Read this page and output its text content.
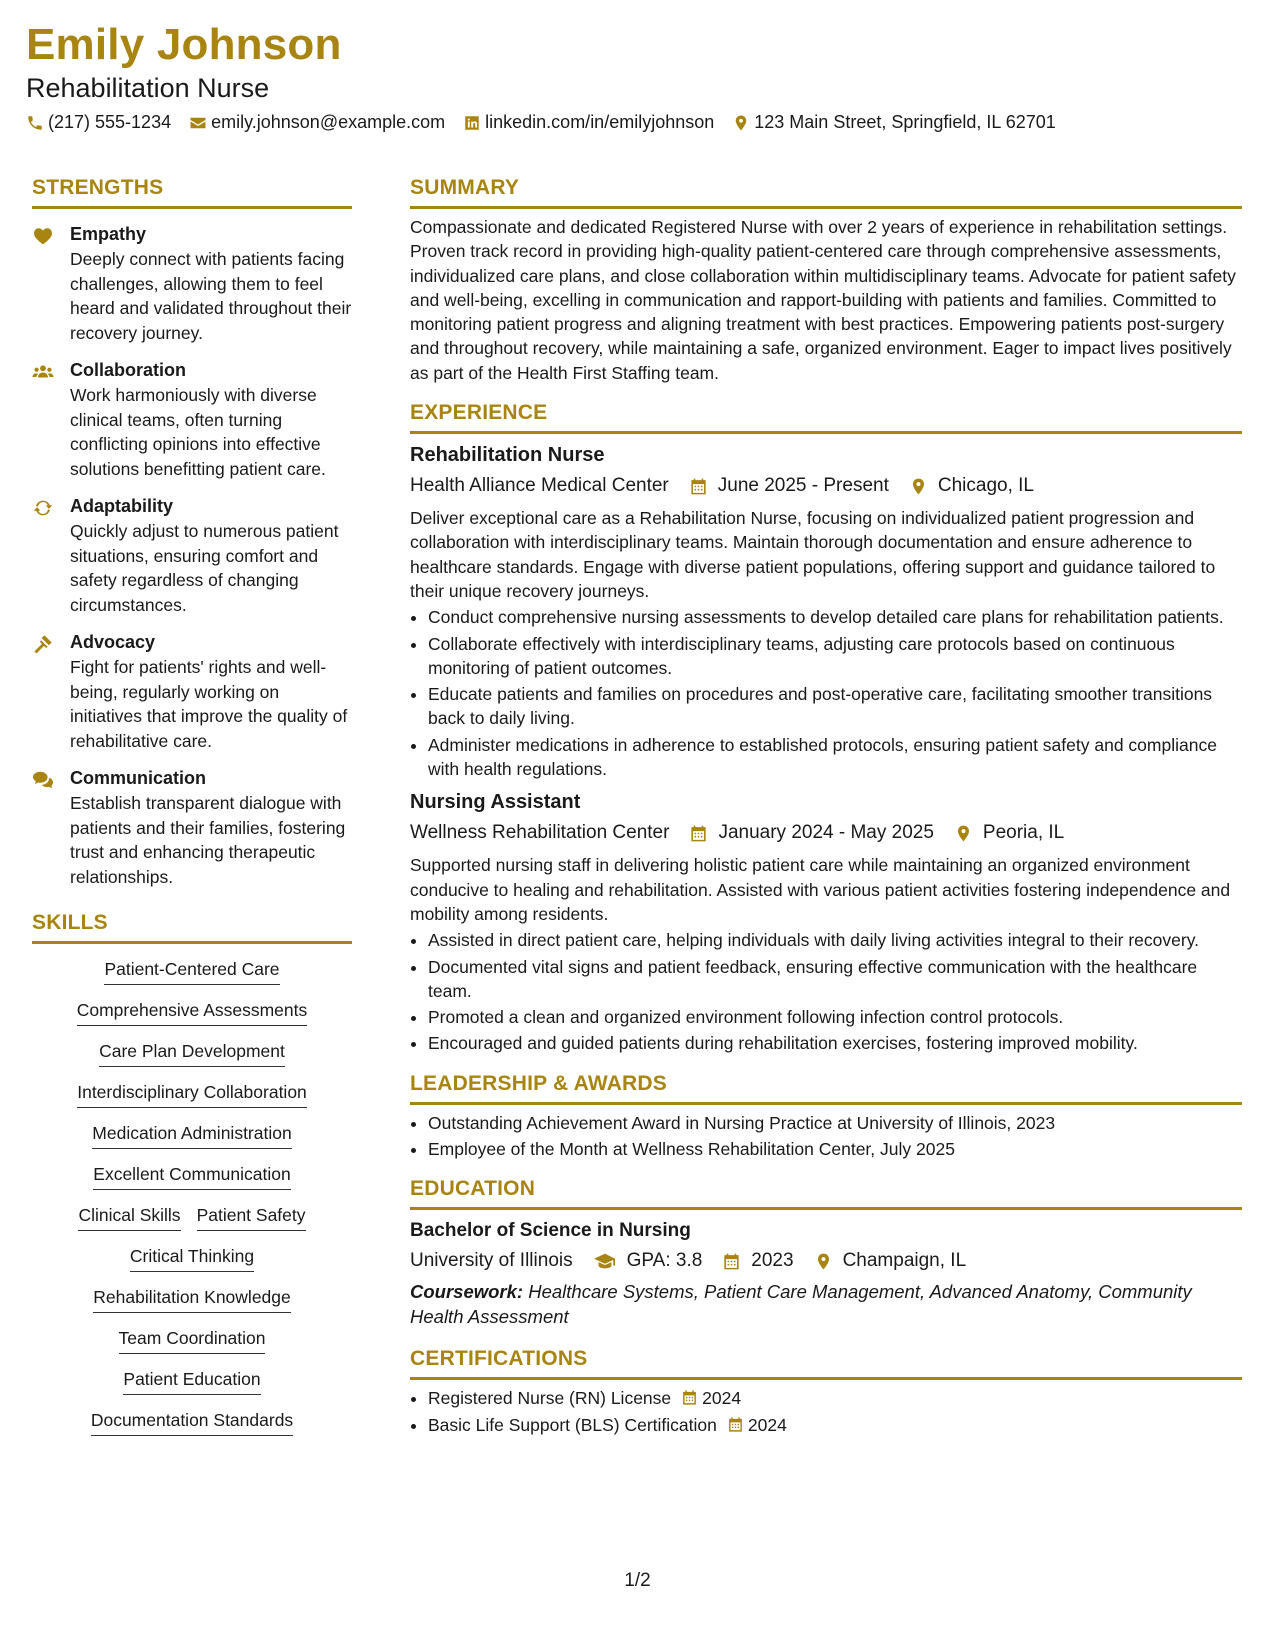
Emily Johnson
Rehabilitation Nurse
(217) 555-1234 emily.johnson@example.com linkedin.com/in/emilyjohnson 123 Main Street, Springfield, IL 62701
STRENGTHS
Empathy
Deeply connect with patients facing challenges, allowing them to feel heard and validated throughout their recovery journey.
Collaboration
Work harmoniously with diverse clinical teams, often turning conflicting opinions into effective solutions benefitting patient care.
Adaptability
Quickly adjust to numerous patient situations, ensuring comfort and safety regardless of changing circumstances.
Advocacy
Fight for patients' rights and well-being, regularly working on initiatives that improve the quality of rehabilitative care.
Communication
Establish transparent dialogue with patients and their families, fostering trust and enhancing therapeutic relationships.
SKILLS
Patient-Centered Care
Comprehensive Assessments
Care Plan Development
Interdisciplinary Collaboration
Medication Administration
Excellent Communication
Clinical Skills Patient Safety
Critical Thinking
Rehabilitation Knowledge
Team Coordination
Patient Education
Documentation Standards
SUMMARY
Compassionate and dedicated Registered Nurse with over 2 years of experience in rehabilitation settings. Proven track record in providing high-quality patient-centered care through comprehensive assessments, individualized care plans, and close collaboration within multidisciplinary teams. Advocate for patient safety and well-being, excelling in communication and rapport-building with patients and families. Committed to monitoring patient progress and aligning treatment with best practices. Empowering patients post-surgery and throughout recovery, while maintaining a safe, organized environment. Eager to impact lives positively as part of the Health First Staffing team.
EXPERIENCE
Rehabilitation Nurse
Health Alliance Medical Center	June 2025 - Present	Chicago, IL
Deliver exceptional care as a Rehabilitation Nurse, focusing on individualized patient progression and collaboration with interdisciplinary teams. Maintain thorough documentation and ensure adherence to healthcare standards. Engage with diverse patient populations, offering support and guidance tailored to their unique recovery journeys.
• Conduct comprehensive nursing assessments to develop detailed care plans for rehabilitation patients.
• Collaborate effectively with interdisciplinary teams, adjusting care protocols based on continuous monitoring of patient outcomes.
• Educate patients and families on procedures and post-operative care, facilitating smoother transitions back to daily living.
• Administer medications in adherence to established protocols, ensuring patient safety and compliance with health regulations.
Nursing Assistant
Wellness Rehabilitation Center	January 2024 - May 2025	Peoria, IL
Supported nursing staff in delivering holistic patient care while maintaining an organized environment conducive to healing and rehabilitation. Assisted with various patient activities fostering independence and mobility among residents.
• Assisted in direct patient care, helping individuals with daily living activities integral to their recovery.
• Documented vital signs and patient feedback, ensuring effective communication with the healthcare team.
• Promoted a clean and organized environment following infection control protocols.
• Encouraged and guided patients during rehabilitation exercises, fostering improved mobility.
LEADERSHIP & AWARDS
• Outstanding Achievement Award in Nursing Practice at University of Illinois, 2023
• Employee of the Month at Wellness Rehabilitation Center, July 2025
EDUCATION
Bachelor of Science in Nursing
University of Illinois	GPA: 3.8	2023	Champaign, IL
Coursework: Healthcare Systems, Patient Care Management, Advanced Anatomy, Community Health Assessment
CERTIFICATIONS
• Registered Nurse (RN) License 2024
• Basic Life Support (BLS) Certification 2024
1/2
